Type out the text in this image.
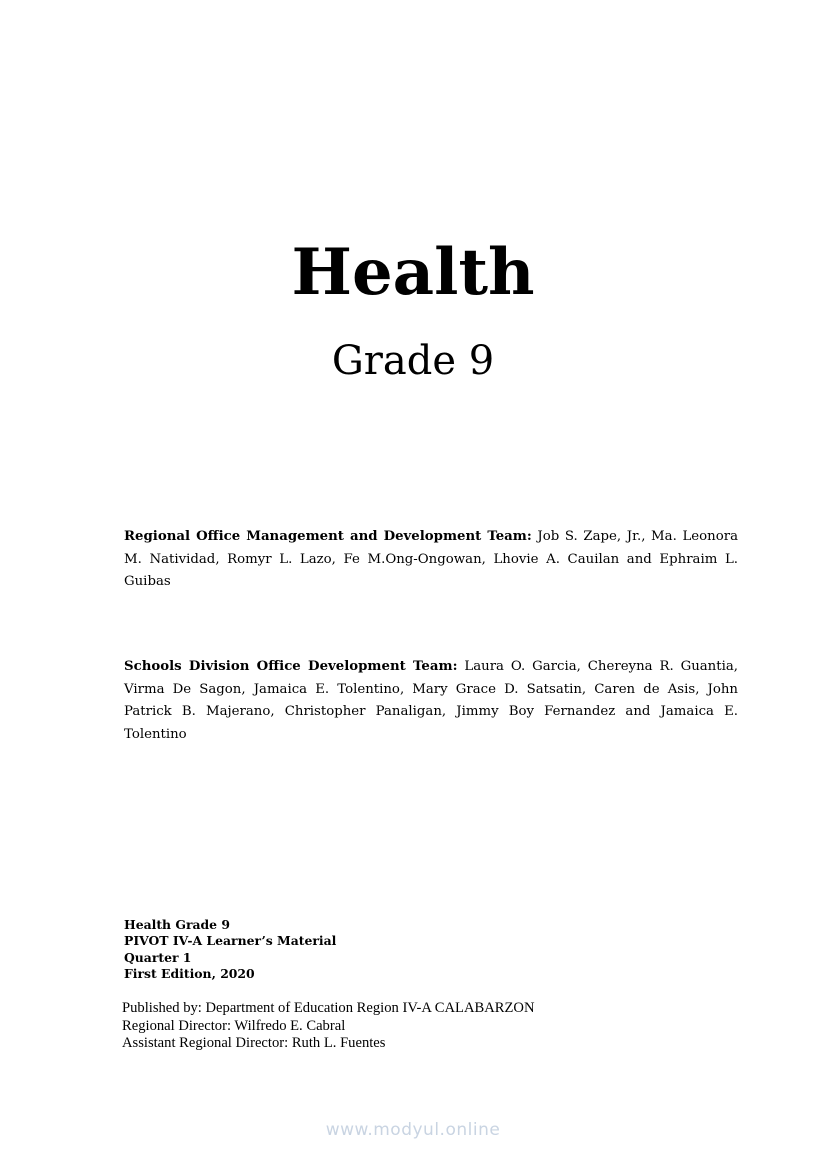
Health
Grade 9

Regional Office Management and Development Team: Job S. Zape, Jr., Ma. Leonora M. Natividad, Romyr L. Lazo, Fe M.Ong-Ongowan, Lhovie A. Cauilan and Ephraim L. Guibas

Schools Division Office Development Team: Laura O. Garcia, Chereyna R. Guantia, Virma De Sagon, Jamaica E. Tolentino, Mary Grace D. Satsatin, Caren de Asis, John Patrick B. Majerano, Christopher Panaligan, Jimmy Boy Fernandez and Jamaica E. Tolentino

Health Grade 9
PIVOT IV-A Learner’s Material
Quarter 1
First Edition, 2020
Published by: Department of Education Region IV-A CALABARZON
Regional Director: Wilfredo E. Cabral
Assistant Regional Director: Ruth L. Fuentes
www.modyul.online
